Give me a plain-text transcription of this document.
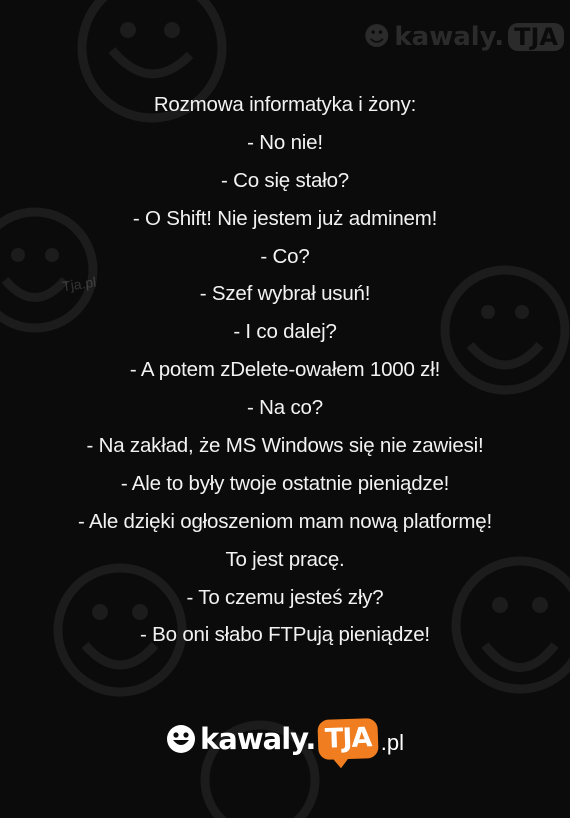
☻ kawaly. TJA
Tja.pl
Rozmowa informatyka i żony:
- No nie!
- Co się stało?
- O Shift! Nie jestem już adminem!
- Co?
- Szef wybrał usuń!
- I co dalej?
- A potem zDelete-owałem 1000 zł!
- Na co?
- Na zakład, że MS Windows się nie zawiesi!
- Ale to były twoje ostatnie pieniądze!
- Ale dzięki ogłoszeniom mam nową platformę!
To jest pracę.
- To czemu jesteś zły?
- Bo oni słabo FTPują pieniądze!
kawaly. TJA .pl
